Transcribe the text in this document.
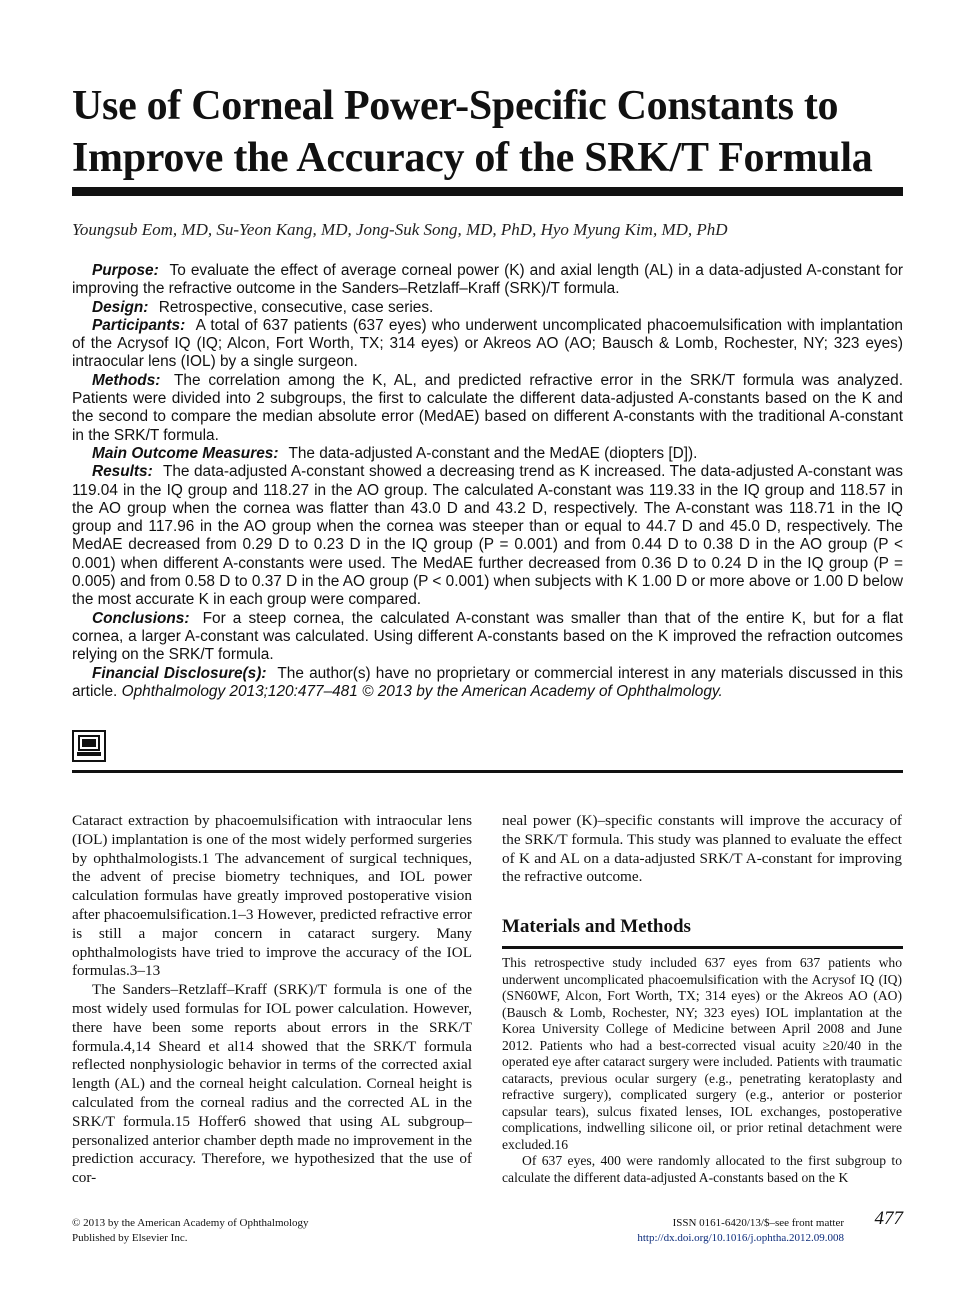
Use of Corneal Power-Specific Constants to Improve the Accuracy of the SRK/T Formula
Youngsub Eom, MD, Su-Yeon Kang, MD, Jong-Suk Song, MD, PhD, Hyo Myung Kim, MD, PhD

Purpose: To evaluate the effect of average corneal power (K) and axial length (AL) in a data-adjusted A-constant for improving the refractive outcome in the Sanders–Retzlaff–Kraff (SRK)/T formula.

Design: Retrospective, consecutive, case series.

Participants: A total of 637 patients (637 eyes) who underwent uncomplicated phacoemulsification with implantation of the Acrysof IQ (IQ; Alcon, Fort Worth, TX; 314 eyes) or Akreos AO (AO; Bausch & Lomb, Rochester, NY; 323 eyes) intraocular lens (IOL) by a single surgeon.

Methods: The correlation among the K, AL, and predicted refractive error in the SRK/T formula was analyzed. Patients were divided into 2 subgroups, the first to calculate the different data-adjusted A-constants based on the K and the second to compare the median absolute error (MedAE) based on different A-constants with the traditional A-constant in the SRK/T formula.

Main Outcome Measures: The data-adjusted A-constant and the MedAE (diopters [D]).

Results: The data-adjusted A-constant showed a decreasing trend as K increased. The data-adjusted A-constant was 119.04 in the IQ group and 118.27 in the AO group. The calculated A-constant was 119.33 in the IQ group and 118.57 in the AO group when the cornea was flatter than 43.0 D and 43.2 D, respectively. The A-constant was 118.71 in the IQ group and 117.96 in the AO group when the cornea was steeper than or equal to 44.7 D and 45.0 D, respectively. The MedAE decreased from 0.29 D to 0.23 D in the IQ group (P = 0.001) and from 0.44 D to 0.38 D in the AO group (P < 0.001) when different A-constants were used. The MedAE further decreased from 0.36 D to 0.24 D in the IQ group (P = 0.005) and from 0.58 D to 0.37 D in the AO group (P < 0.001) when subjects with K 1.00 D or more above or 1.00 D below the most accurate K in each group were compared.

Conclusions: For a steep cornea, the calculated A-constant was smaller than that of the entire K, but for a flat cornea, a larger A-constant was calculated. Using different A-constants based on the K improved the refraction outcomes relying on the SRK/T formula.

Financial Disclosure(s): The author(s) have no proprietary or commercial interest in any materials discussed in this article. Ophthalmology 2013;120:477–481 © 2013 by the American Academy of Ophthalmology.

Cataract extraction by phacoemulsification with intraocular lens (IOL) implantation is one of the most widely performed surgeries by ophthalmologists.1 The advancement of surgical techniques, the advent of precise biometry techniques, and IOL power calculation formulas have greatly improved postoperative vision after phacoemulsification.1–3 However, predicted refractive error is still a major concern in cataract surgery. Many ophthalmologists have tried to improve the accuracy of the IOL formulas.3–13

The Sanders–Retzlaff–Kraff (SRK)/T formula is one of the most widely used formulas for IOL power calculation. However, there have been some reports about errors in the SRK/T formula.4,14 Sheard et al14 showed that the SRK/T formula reflected nonphysiologic behavior in terms of the corrected axial length (AL) and the corneal height calculation. Corneal height is calculated from the corneal radius and the corrected AL in the SRK/T formula.15 Hoffer6 showed that using AL subgroup–personalized anterior chamber depth made no improvement in the prediction accuracy. Therefore, we hypothesized that the use of cor-

neal power (K)–specific constants will improve the accuracy of the SRK/T formula. This study was planned to evaluate the effect of K and AL on a data-adjusted SRK/T A-constant for improving the refractive outcome.

Materials and Methods

This retrospective study included 637 eyes from 637 patients who underwent uncomplicated phacoemulsification with the Acrysof IQ (IQ) (SN60WF, Alcon, Fort Worth, TX; 314 eyes) or the Akreos AO (AO) (Bausch & Lomb, Rochester, NY; 323 eyes) IOL implantation at the Korea University College of Medicine between April 2008 and June 2012. Patients who had a best-corrected visual acuity ≥20/40 in the operated eye after cataract surgery were included. Patients with traumatic cataracts, previous ocular surgery (e.g., penetrating keratoplasty and refractive surgery), complicated surgery (e.g., anterior or posterior capsular tears), sulcus fixated lenses, IOL exchanges, postoperative complications, indwelling silicone oil, or prior retinal detachment were excluded.16

Of 637 eyes, 400 were randomly allocated to the first subgroup to calculate the different data-adjusted A-constants based on the K

© 2013 by the American Academy of Ophthalmology
Published by Elsevier Inc.
ISSN 0161-6420/13/$–see front matter
http://dx.doi.org/10.1016/j.ophtha.2012.09.008
477
